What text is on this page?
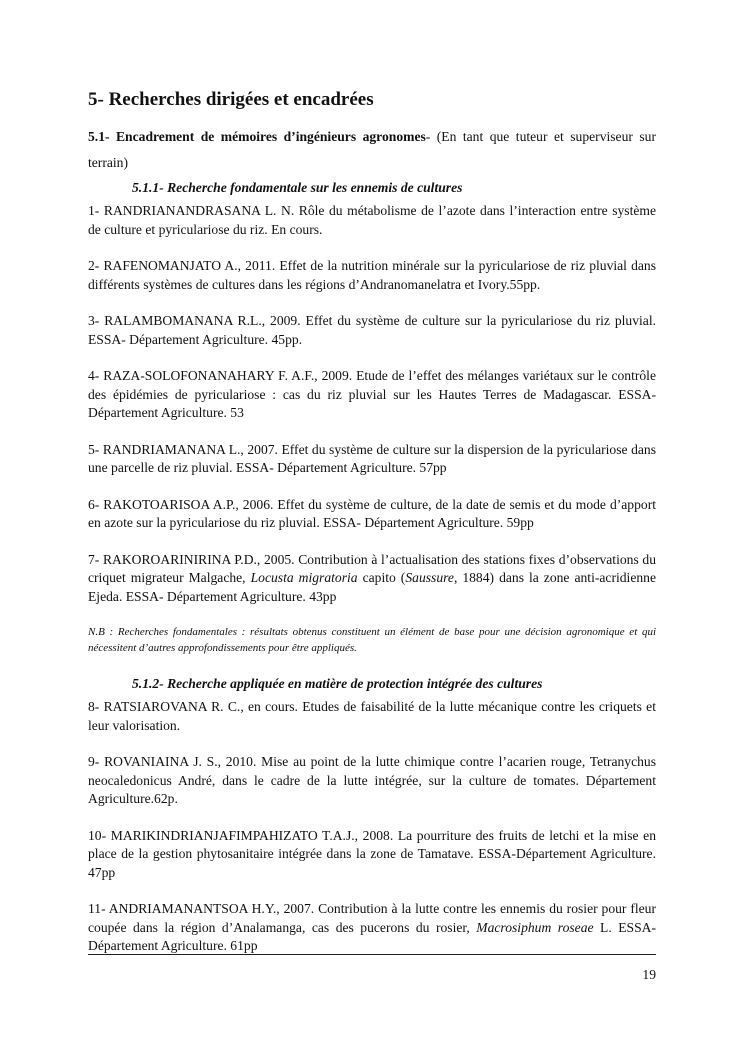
5- Recherches dirigées et encadrées

5.1- Encadrement de mémoires d’ingénieurs agronomes- (En tant que tuteur et superviseur sur terrain)

5.1.1- Recherche fondamentale sur les ennemis de cultures

1- RANDRIANANDRASANA L. N. Rôle du métabolisme de l’azote dans l’interaction entre système de culture et pyriculariose du riz. En cours.

2- RAFENOMANJATO A., 2011. Effet de la nutrition minérale sur la pyriculariose de riz pluvial dans différents systèmes de cultures dans les régions d’Andranomanelatra et Ivory.55pp.

3- RALAMBOMANANA R.L., 2009. Effet du système de culture sur la pyriculariose du riz pluvial. ESSA- Département Agriculture. 45pp.

4- RAZA-SOLOFONANAHARY F. A.F., 2009. Etude de l’effet des mélanges variétaux sur le contrôle des épidémies de pyriculariose : cas du riz pluvial sur les Hautes Terres de Madagascar. ESSA- Département Agriculture. 53

5- RANDRIAMANANA L., 2007. Effet du système de culture sur la dispersion de la pyriculariose dans une parcelle de riz pluvial. ESSA- Département Agriculture. 57pp

6- RAKOTOARISOA A.P., 2006. Effet du système de culture, de la date de semis et du mode d’apport en azote sur la pyriculariose du riz pluvial. ESSA- Département Agriculture. 59pp

7- RAKOROARINIRINA P.D., 2005. Contribution à l’actualisation des stations fixes d’observations du criquet migrateur Malgache, Locusta migratoria capito (Saussure, 1884) dans la zone anti-acridienne Ejeda. ESSA- Département Agriculture. 43pp

N.B : Recherches fondamentales : résultats obtenus constituent un élément de base pour une décision agronomique et qui nécessitent d’autres approfondissements pour être appliqués.

5.1.2- Recherche appliquée en matière de protection intégrée des cultures

8- RATSIAROVANA R. C., en cours. Etudes de faisabilité de la lutte mécanique contre les criquets et leur valorisation.

9- ROVANIAINA J. S., 2010. Mise au point de la lutte chimique contre l’acarien rouge, Tetranychus neocaledonicus André, dans le cadre de la lutte intégrée, sur la culture de tomates. Département Agriculture.62p.

10- MARIKINDRIANJAFIMPAHIZATO T.A.J., 2008. La pourriture des fruits de letchi et la mise en place de la gestion phytosanitaire intégrée dans la zone de Tamatave. ESSA-Département Agriculture. 47pp

11- ANDRIAMANANTSOA H.Y., 2007. Contribution à la lutte contre les ennemis du rosier pour fleur coupée dans la région d’Analamanga, cas des pucerons du rosier, Macrosiphum roseae L. ESSA- Département Agriculture. 61pp

19
